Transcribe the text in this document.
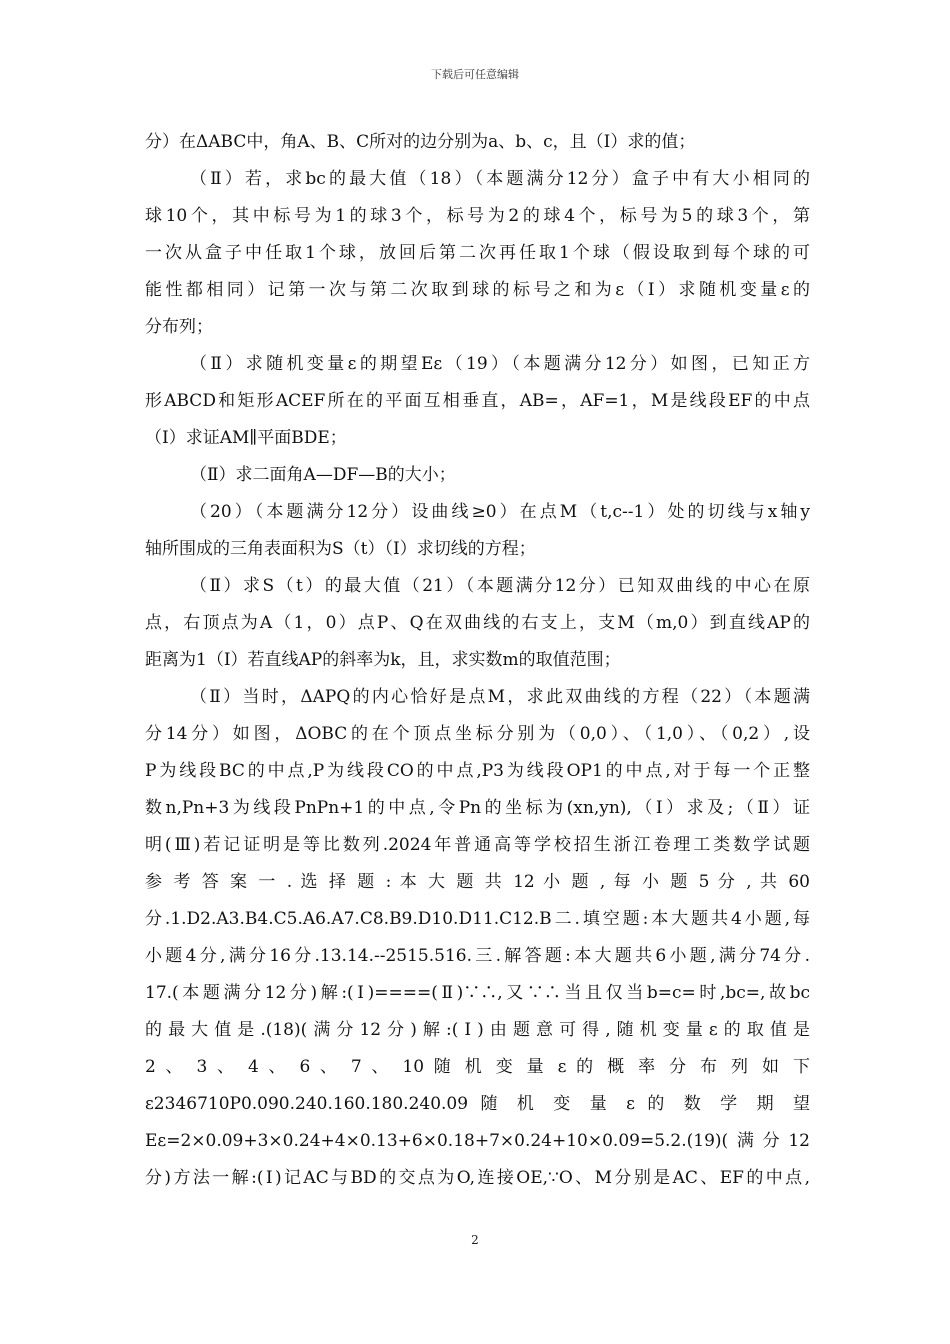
下载后可任意编辑
分）在ΔABC中，角A、B、C所对的边分别为a、b、c，且（Ⅰ）求的值；
（Ⅱ）若，求bc的最大值（18）（本题满分12分）盒子中有大小相同的
球10个，其中标号为1的球3个，标号为2的球4个，标号为5的球3个，第
一次从盒子中任取1个球，放回后第二次再任取1个球（假设取到每个球的可
能性都相同）记第一次与第二次取到球的标号之和为ε（Ⅰ）求随机变量ε的
分布列；
（Ⅱ）求随机变量ε的期望Eε（19）（本题满分12分）如图，已知正方
形ABCD和矩形ACEF所在的平面互相垂直，AB=，AF=1，M是线段EF的中点
（Ⅰ）求证AM∥平面BDE；
（Ⅱ）求二面角A—DF—B的大小；
（20）（本题满分12分）设曲线≥0）在点M（t,c--1）处的切线与x轴y
轴所围成的三角表面积为S（t）（Ⅰ）求切线的方程；
（Ⅱ）求S（t）的最大值（21）（本题满分12分）已知双曲线的中心在原
点，右顶点为A（1，0）点P、Q在双曲线的右支上，支M（m,0）到直线AP的
距离为1（Ⅰ）若直线AP的斜率为k，且，求实数m的取值范围；
（Ⅱ）当时，ΔAPQ的内心恰好是点M，求此双曲线的方程（22）（本题满
分14分）如图，ΔOBC的在个顶点坐标分别为（0,0）、（1,0）、（0,2）,设
P为线段BC的中点,P为线段CO的中点,P3为线段OP1的中点,对于每一个正整
数n,Pn+3为线段PnPn+1的中点,令Pn的坐标为(xn,yn),（Ⅰ）求及;（Ⅱ）证
明(Ⅲ)若记证明是等比数列.2024年普通高等学校招生浙江卷理工类数学试题
参 考 答 案 一 . 选 择 题 : 本 大 题 共 12 小 题 , 每 小 题 5 分 , 共 60
分.1.D2.A3.B4.C5.A6.A7.C8.B9.D10.D11.C12.B二.填空题:本大题共4小题,每
小题4分,满分16分.13.14.--2515.516.三.解答题:本大题共6小题,满分74分.
17.(本题满分12分)解:(Ⅰ)====(Ⅱ)∵∴,又∵∴当且仅当b=c=时,bc=,故bc
的最大值是.(18)(满分12分)解:(Ⅰ)由题意可得,随机变量ε的取值是
2 、 3 、 4 、 6 、 7 、 10 随 机 变 量 ε 的 概 率 分 布 列 如 下
ε2346710P0.090.240.160.180.240.09 随 机 变 量 ε 的 数 学 期 望
Eε=2×0.09+3×0.24+4×0.13+6×0.18+7×0.24+10×0.09=5.2.(19)(满分12
分)方法一解:(Ⅰ)记AC与BD的交点为O,连接OE,∵O、M分别是AC、EF的中点,
2
